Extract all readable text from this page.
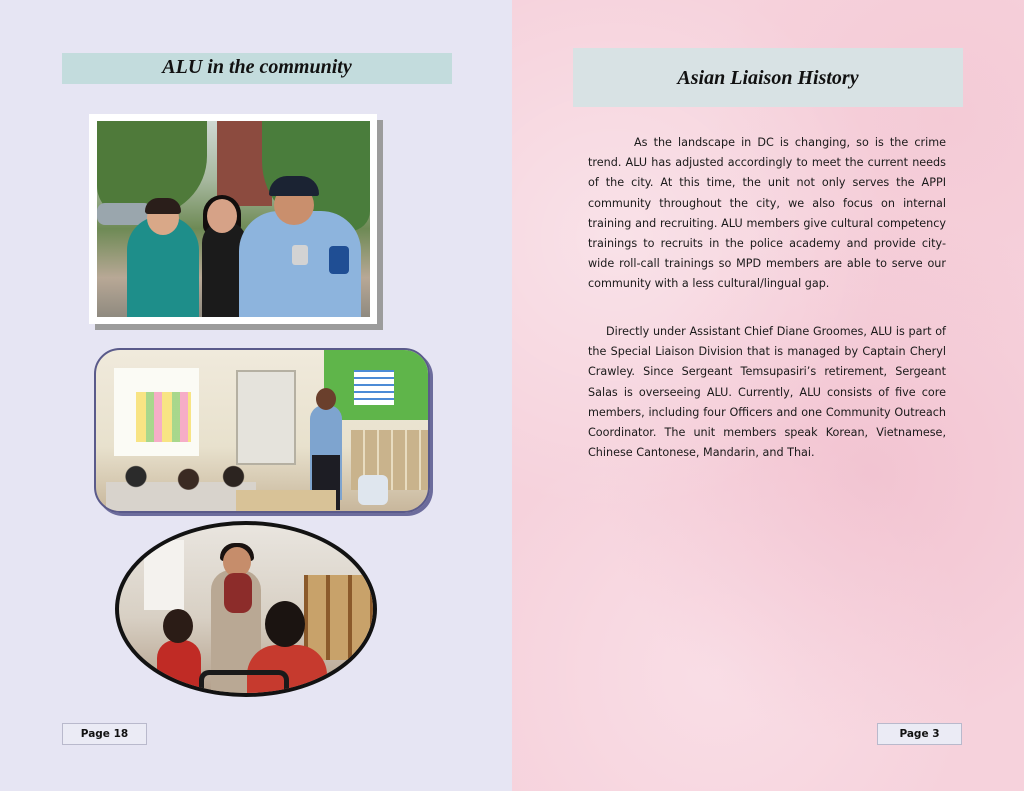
ALU in the community
Page 18
Asian Liaison History

As the landscape in DC is changing, so is the crime trend. ALU has adjusted accordingly to meet the current needs of the city. At this time, the unit not only serves the APPI community throughout the city, we also focus on internal training and recruiting. ALU members give cultural competency trainings to recruits in the police academy and provide city-wide roll-call trainings so MPD members are able to serve our community with a less cultural/lingual gap.

Directly under Assistant Chief Diane Groomes, ALU is part of the Special Liaison Division that is managed by Captain Cheryl Crawley. Since Sergeant Temsupasiri’s retirement, Sergeant Salas is overseeing ALU. Currently, ALU consists of five core members, including four Officers and one Community Outreach Coordinator. The unit members speak Korean, Vietnamese, Chinese Cantonese, Mandarin, and Thai.

Page 3
